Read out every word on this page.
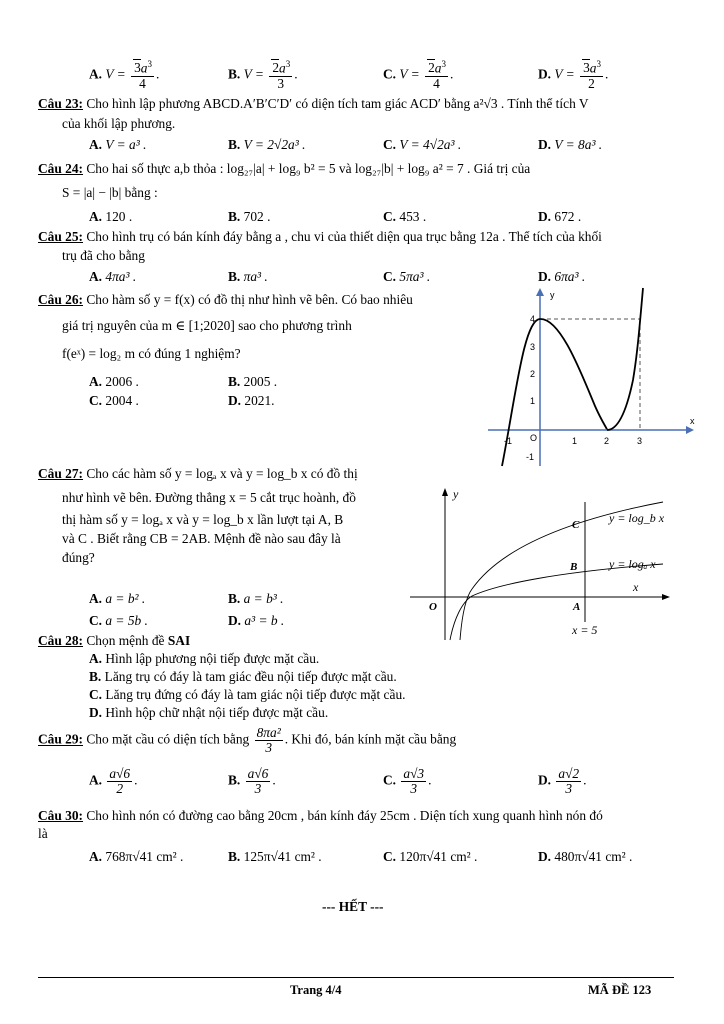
A. $V = \frac{3a^3}{4}$ .	B. $V = \frac{2a^3}{3}$ .	C. $V = \frac{2a^3}{4}$ .	D. $V = \frac{3a^3}{2}$ .
Câu 23: Cho hình lập phương ABCD.A′B′C′D′ có diện tích tam giác ACD′ bằng a²√3 . Tính thể tích V
của khối lập phương.
A. V = a³ .	B. V = 2√2a³ .	C. V = 4√2a³ .	D. V = 8a³ .
Câu 24: Cho hai số thực a,b thỏa : log₂₇|a| + log₉ b² = 5 và log₂₇|b| + log₉ a² = 7 . Giá trị của
S = |a| − |b| bằng :
A. 120 .	B. 702 .	C. 453 .	D. 672 .
Câu 25: Cho hình trụ có bán kính đáy bằng a , chu vi của thiết diện qua trục bằng 12a . Thể tích của khối
trụ đã cho bằng
A. 4πa³ .	B. πa³ .	C. 5πa³ .	D. 6πa³ .
Câu 26: Cho hàm số y = f(x) có đồ thị như hình vẽ bên. Có bao nhiêu
giá trị nguyên của m ∈ [1;2020] sao cho phương trình
f(eˣ) = log₂ m có đúng 1 nghiệm?
A. 2006 .	B. 2005 .
C. 2004 .	D. 2021.
y
x
-1	1	2	3
4
3
2
1
-1
O
Câu 27: Cho các hàm số y = logₐ x và y = log_b x có đồ thị
như hình vẽ bên. Đường thẳng x = 5 cắt trục hoành, đồ
thị hàm số y = logₐ x và y = log_b x lần lượt tại A, B
và C . Biết rằng CB = 2AB. Mệnh đề nào sau đây là
đúng?
A. a = b² .	B. a = b³ .
C. a = 5b .	D. a³ = b .
y
x
O
y = log_b x
y = logₐ x
C
B
A
x = 5
Câu 28: Chọn mệnh đề SAI
A. Hình lập phương nội tiếp được mặt cầu.
B. Lăng trụ có đáy là tam giác đều nội tiếp được mặt cầu.
C. Lăng trụ đứng có đáy là tam giác nội tiếp được mặt cầu.
D. Hình hộp chữ nhật nội tiếp được mặt cầu.
Câu 29: Cho mặt cầu có diện tích bằng $\frac{\text{8πa²}}{3}$ . Khi đó, bán kính mặt cầu bằng
A. $\frac{a√6}{2}$ .	B. $\frac{a√6}{3}$ .	C. $\frac{a√3}{3}$ .	D. $\frac{a√2}{3}$ .
Câu 30: Cho hình nón có đường cao bằng 20cm , bán kính đáy 25cm . Diện tích xung quanh hình nón đó
là
A. 768π√41 cm² .	B. 125π√41 cm² .	C. 120π√41 cm² .	D. 480π√41 cm² .
--- HẾT ---
Trang 4/4	MÃ ĐỀ 123
